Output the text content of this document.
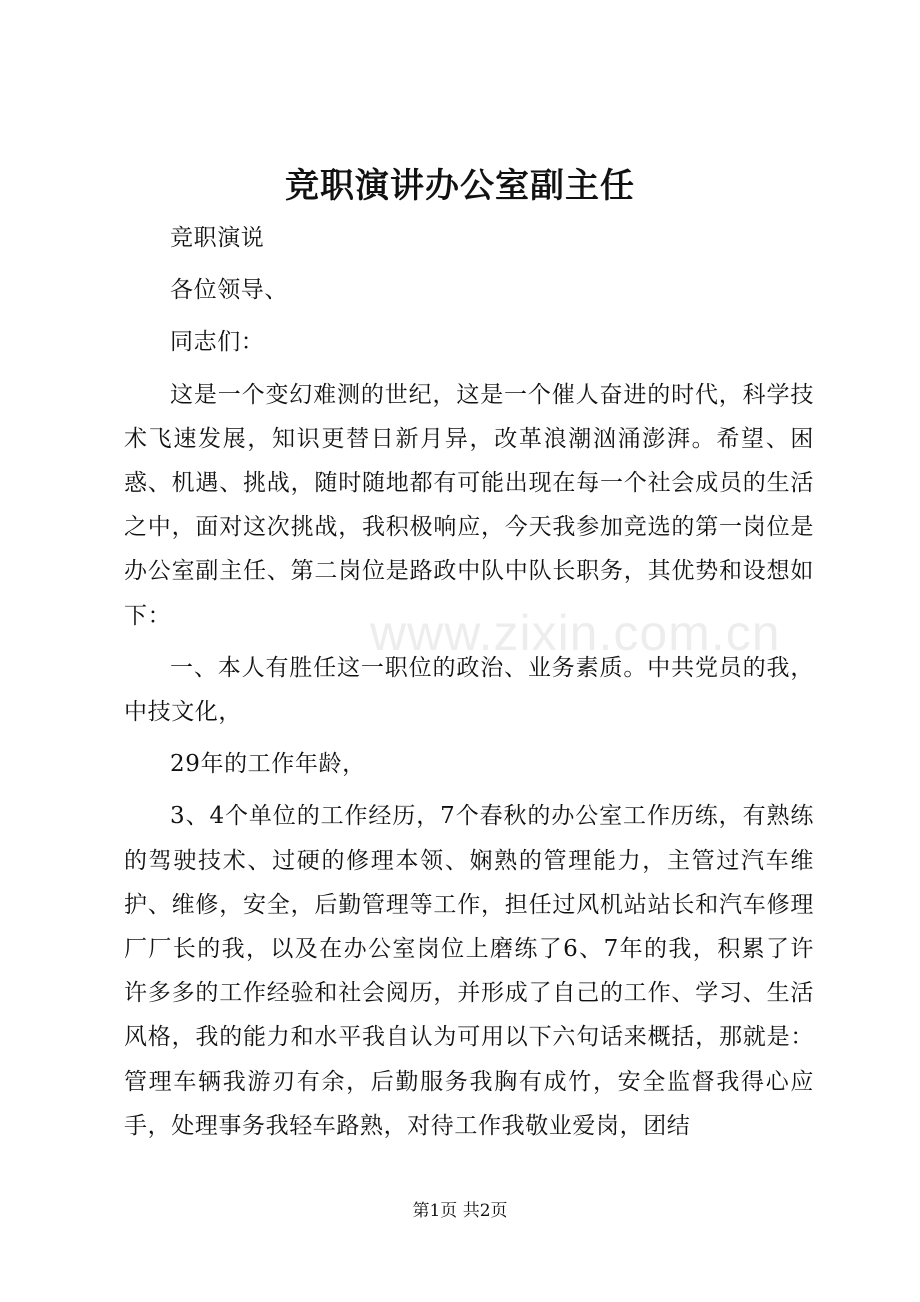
www.zixin.com.cn
竞职演讲办公室副主任

竞职演说

各位领导、

同志们：

这是一个变幻难测的世纪，这是一个催人奋进的时代，科学技术飞速发展，知识更替日新月异，改革浪潮汹涌澎湃。希望、困惑、机遇、挑战，随时随地都有可能出现在每一个社会成员的生活之中，面对这次挑战，我积极响应，今天我参加竞选的第一岗位是办公室副主任、第二岗位是路政中队中队长职务，其优势和设想如下：

一、本人有胜任这一职位的政治、业务素质。中共党员的我，中技文化，

29年的工作年龄，

3、4个单位的工作经历，7个春秋的办公室工作历练，有熟练的驾驶技术、过硬的修理本领、娴熟的管理能力，主管过汽车维护、维修，安全，后勤管理等工作，担任过风机站站长和汽车修理厂厂长的我，以及在办公室岗位上磨练了6、7年的我，积累了许许多多的工作经验和社会阅历，并形成了自己的工作、学习、生活风格，我的能力和水平我自认为可用以下六句话来概括，那就是：管理车辆我游刃有余，后勤服务我胸有成竹，安全监督我得心应手，处理事务我轻车路熟，对待工作我敬业爱岗，团结

第1页 共2页
